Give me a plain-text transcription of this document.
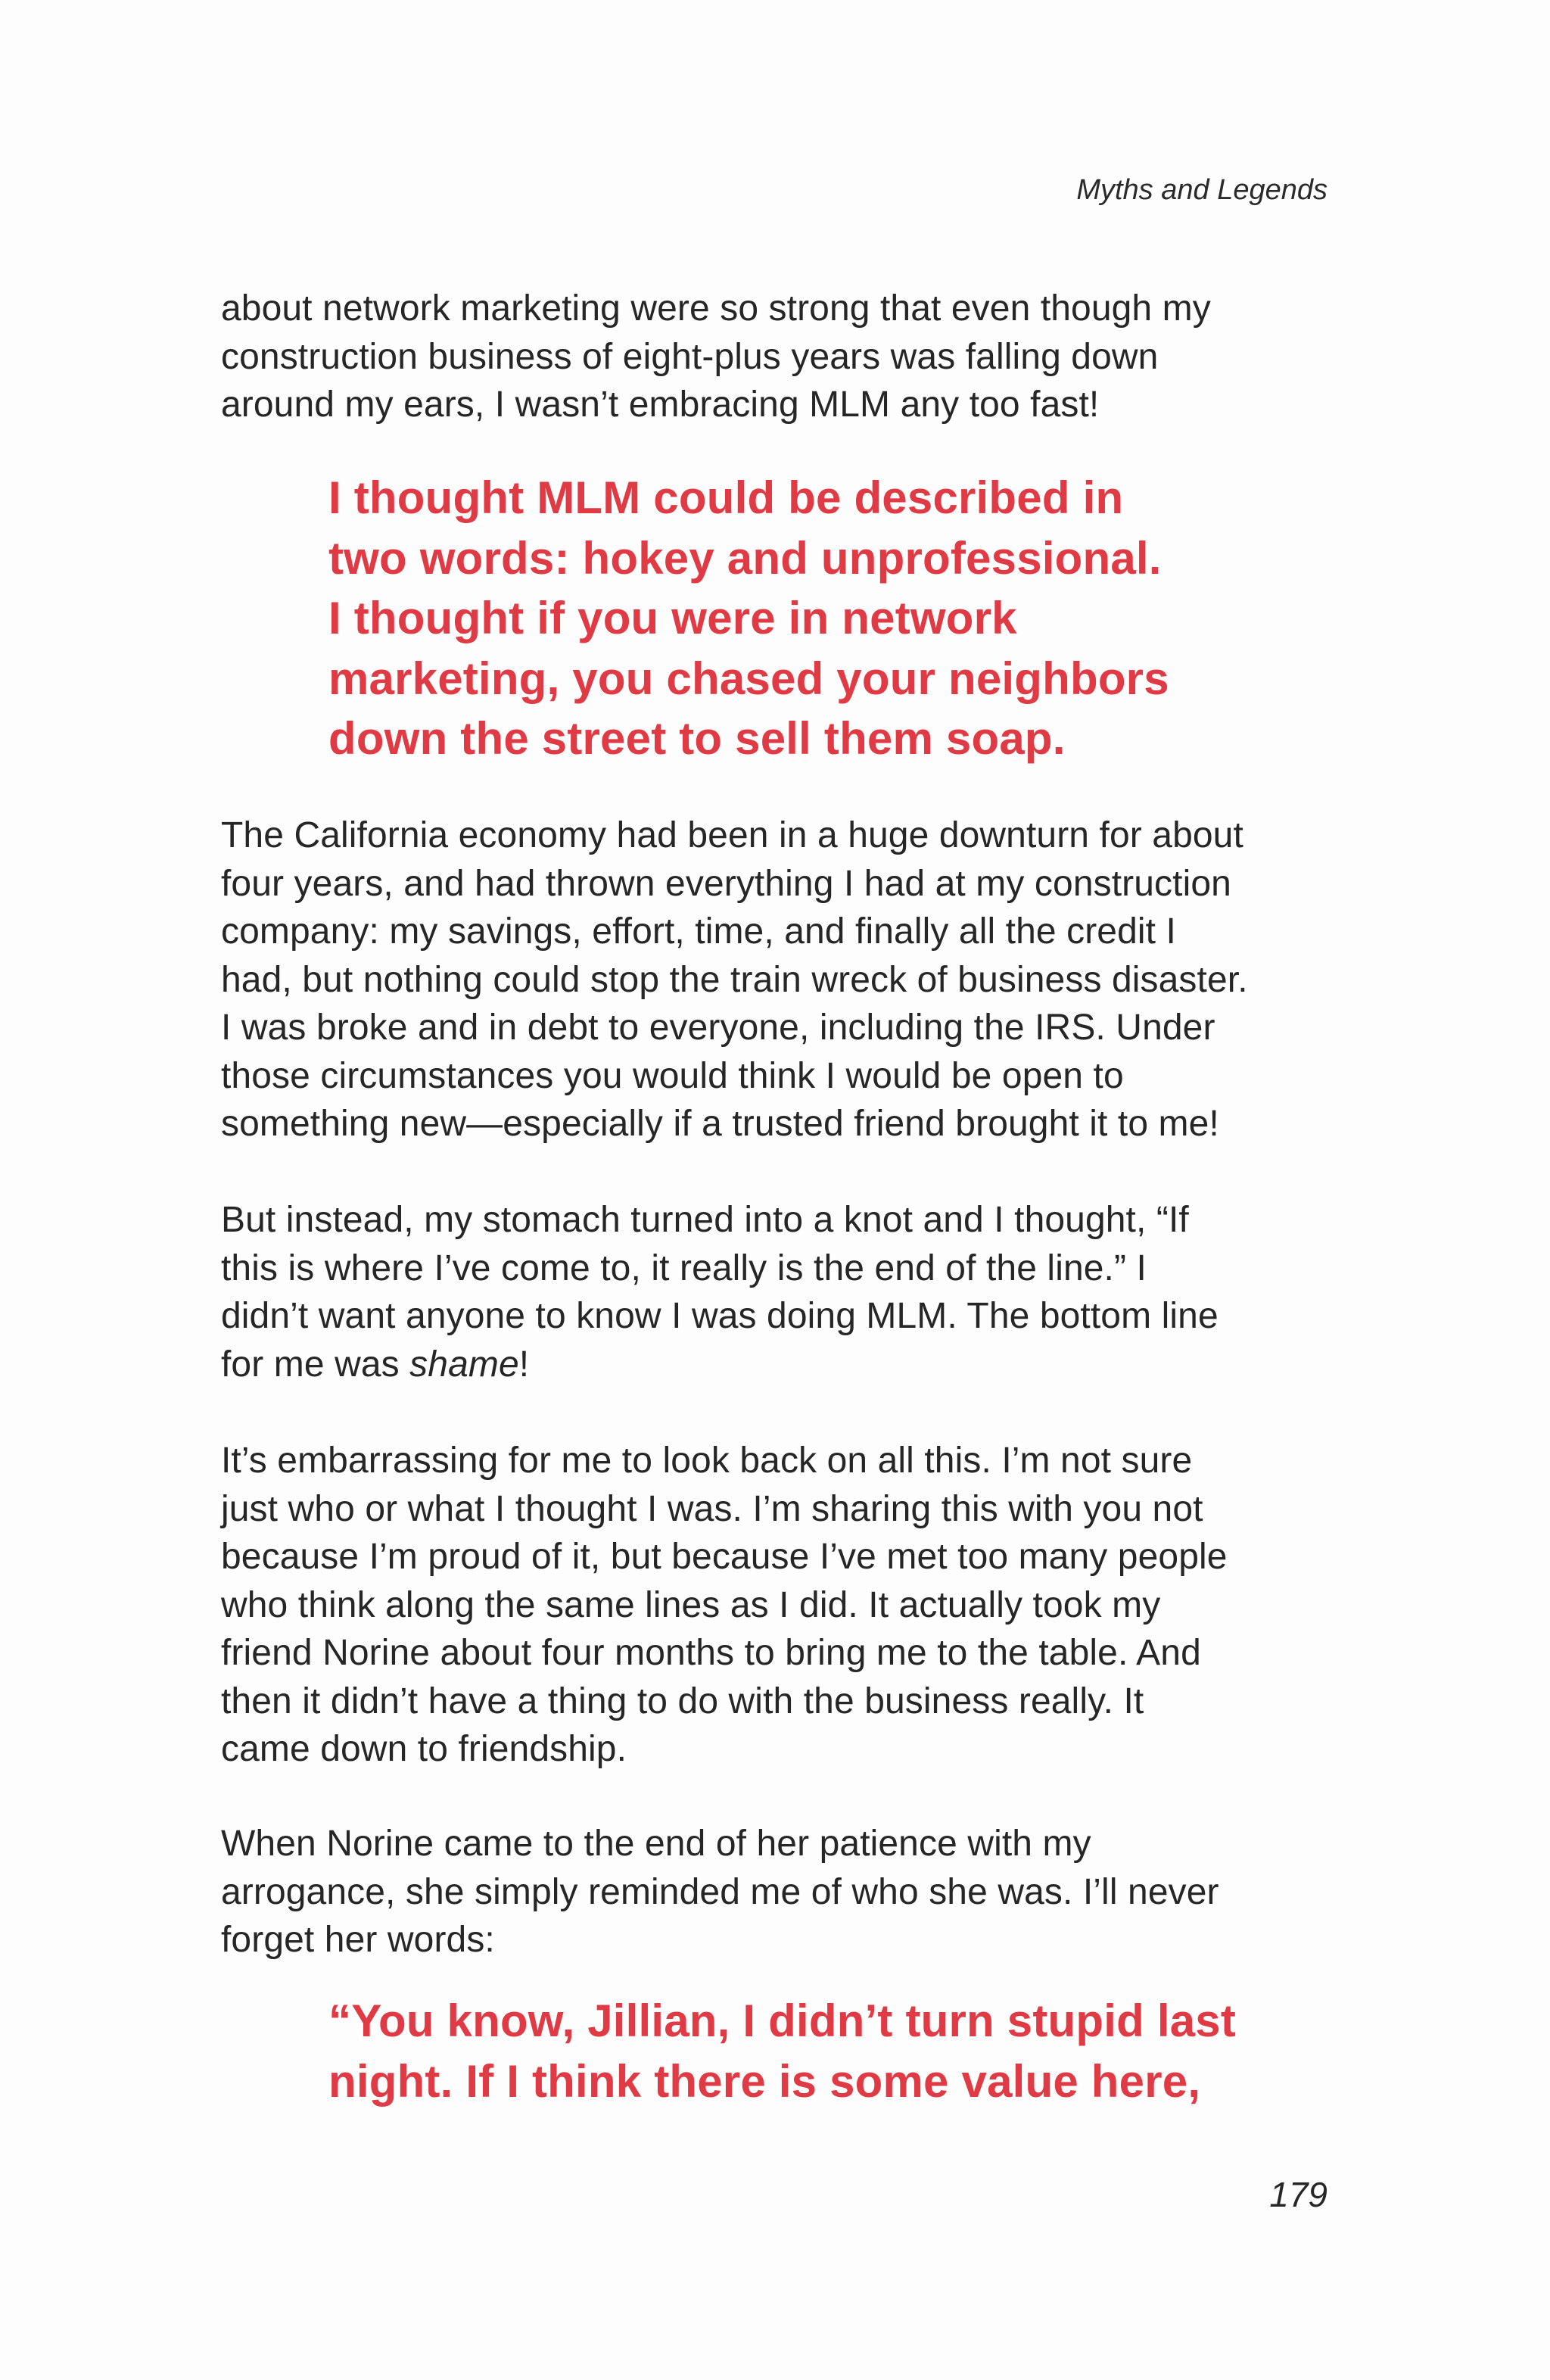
Myths and Legends

about network marketing were so strong that even though my
construction business of eight-plus years was falling down
around my ears, I wasn’t embracing MLM any too fast!

I thought MLM could be described in
two words: hokey and unprofessional.
I thought if you were in network
marketing, you chased your neighbors
down the street to sell them soap.

The California economy had been in a huge downturn for about
four years, and had thrown everything I had at my construction
company: my savings, effort, time, and finally all the credit I
had, but nothing could stop the train wreck of business disaster.
I was broke and in debt to everyone, including the IRS. Under
those circumstances you would think I would be open to
something new—especially if a trusted friend brought it to me!

But instead, my stomach turned into a knot and I thought, “If
this is where I’ve come to, it really is the end of the line.” I
didn’t want anyone to know I was doing MLM. The bottom line
for me was shame!

It’s embarrassing for me to look back on all this. I’m not sure
just who or what I thought I was. I’m sharing this with you not
because I’m proud of it, but because I’ve met too many people
who think along the same lines as I did. It actually took my
friend Norine about four months to bring me to the table. And
then it didn’t have a thing to do with the business really. It
came down to friendship.

When Norine came to the end of her patience with my
arrogance, she simply reminded me of who she was. I’ll never
forget her words:

“You know, Jillian, I didn’t turn stupid last
night. If I think there is some value here,

179
